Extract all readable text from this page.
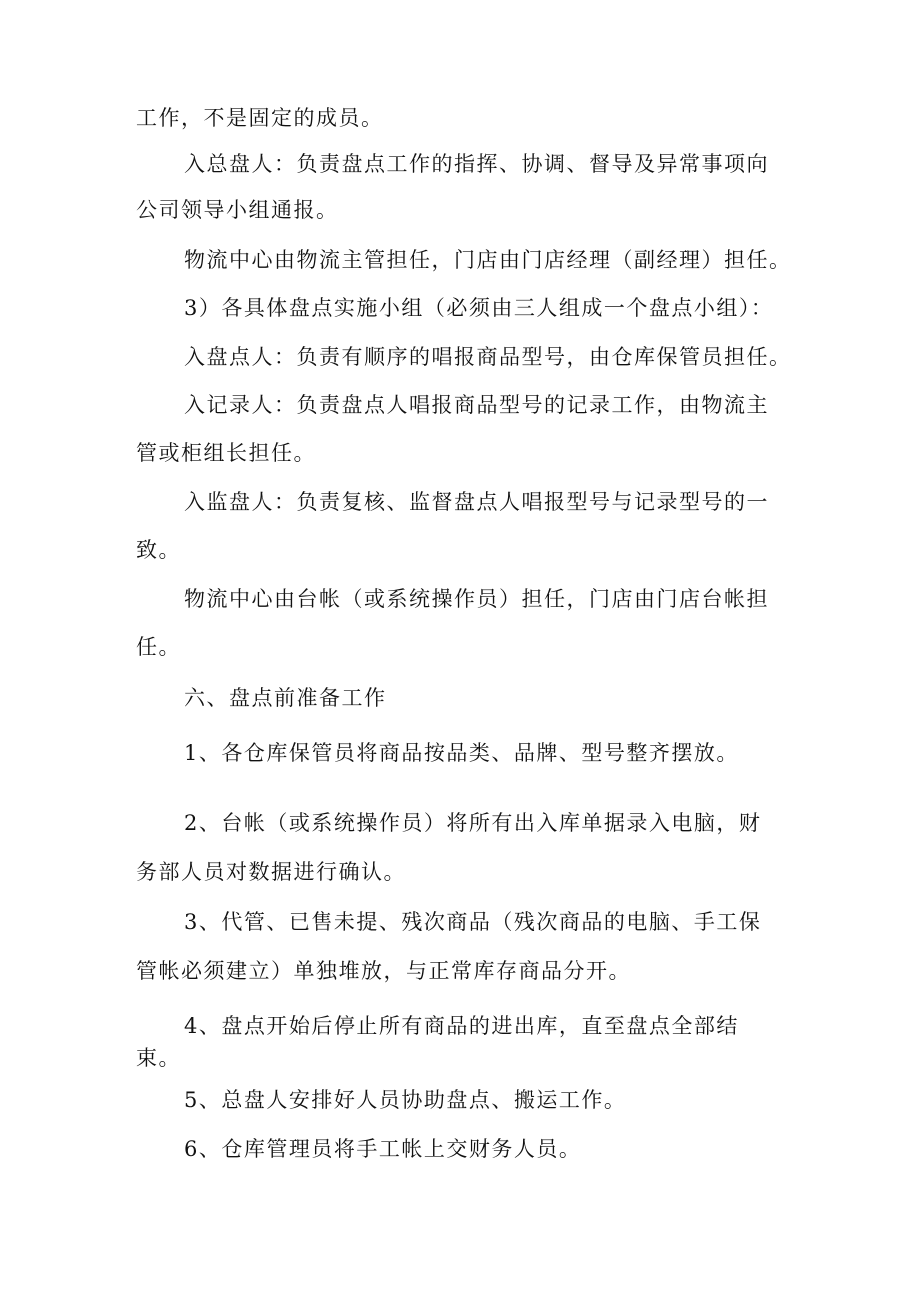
工作，不是固定的成员。

入总盘人：负责盘点工作的指挥、协调、督导及异常事项向

公司领导小组通报。

物流中心由物流主管担任，门店由门店经理（副经理）担任。

3）各具体盘点实施小组（必须由三人组成一个盘点小组）：

入盘点人：负责有顺序的唱报商品型号，由仓库保管员担任。

入记录人：负责盘点人唱报商品型号的记录工作，由物流主

管或柜组长担任。

入监盘人：负责复核、监督盘点人唱报型号与记录型号的一

致。

物流中心由台帐（或系统操作员）担任，门店由门店台帐担

任。

六、盘点前准备工作

1、各仓库保管员将商品按品类、品牌、型号整齐摆放。

2、台帐（或系统操作员）将所有出入库单据录入电脑，财

务部人员对数据进行确认。

3、代管、已售未提、残次商品（残次商品的电脑、手工保

管帐必须建立）单独堆放，与正常库存商品分开。

4、盘点开始后停止所有商品的进出库，直至盘点全部结

束。

5、总盘人安排好人员协助盘点、搬运工作。

6、仓库管理员将手工帐上交财务人员。
